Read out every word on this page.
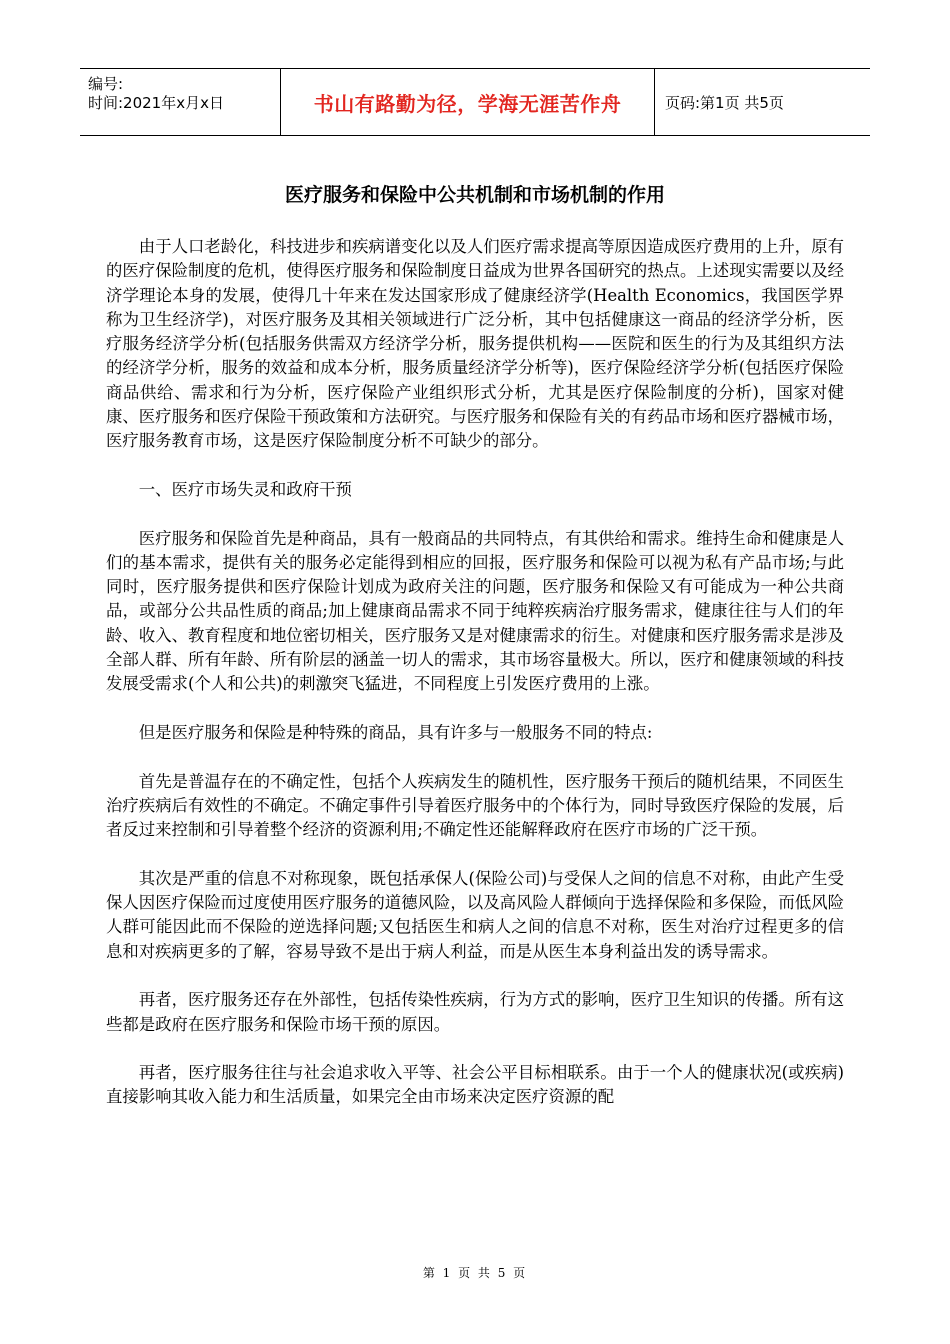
编号:
时间:2021年x月x日	书山有路勤为径，学海无涯苦作舟	页码:第1页 共5页
医疗服务和保险中公共机制和市场机制的作用

由于人口老龄化，科技进步和疾病谱变化以及人们医疗需求提高等原因造成医疗费用的上升，原有的医疗保险制度的危机，使得医疗服务和保险制度日益成为世界各国研究的热点。上述现实需要以及经济学理论本身的发展，使得几十年来在发达国家形成了健康经济学(Health Economics，我国医学界称为卫生经济学)，对医疗服务及其相关领域进行广泛分析，其中包括健康这一商品的经济学分析，医疗服务经济学分析(包括服务供需双方经济学分析，服务提供机构——医院和医生的行为及其组织方法的经济学分析，服务的效益和成本分析，服务质量经济学分析等)，医疗保险经济学分析(包括医疗保险商品供给、需求和行为分析，医疗保险产业组织形式分析，尤其是医疗保险制度的分析)，国家对健康、医疗服务和医疗保险干预政策和方法研究。与医疗服务和保险有关的有药品市场和医疗器械市场，医疗服务教育市场，这是医疗保险制度分析不可缺少的部分。

一、医疗市场失灵和政府干预

医疗服务和保险首先是种商品，具有一般商品的共同特点，有其供给和需求。维持生命和健康是人们的基本需求，提供有关的服务必定能得到相应的回报，医疗服务和保险可以视为私有产品市场;与此同时，医疗服务提供和医疗保险计划成为政府关注的问题，医疗服务和保险又有可能成为一种公共商品，或部分公共品性质的商品;加上健康商品需求不同于纯粹疾病治疗服务需求，健康往往与人们的年龄、收入、教育程度和地位密切相关，医疗服务又是对健康需求的衍生。对健康和医疗服务需求是涉及全部人群、所有年龄、所有阶层的涵盖一切人的需求，其市场容量极大。所以，医疗和健康领域的科技发展受需求(个人和公共)的刺激突飞猛进，不同程度上引发医疗费用的上涨。

但是医疗服务和保险是种特殊的商品，具有许多与一般服务不同的特点:

首先是普温存在的不确定性，包括个人疾病发生的随机性，医疗服务干预后的随机结果，不同医生治疗疾病后有效性的不确定。不确定事件引导着医疗服务中的个体行为，同时导致医疗保险的发展，后者反过来控制和引导着整个经济的资源利用;不确定性还能解释政府在医疗市场的广泛干预。

其次是严重的信息不对称现象，既包括承保人(保险公司)与受保人之间的信息不对称，由此产生受保人因医疗保险而过度使用医疗服务的道德风险，以及高风险人群倾向于选择保险和多保险，而低风险人群可能因此而不保险的逆选择问题;又包括医生和病人之间的信息不对称，医生对治疗过程更多的信息和对疾病更多的了解，容易导致不是出于病人利益，而是从医生本身利益出发的诱导需求。

再者，医疗服务还存在外部性，包括传染性疾病，行为方式的影响，医疗卫生知识的传播。所有这些都是政府在医疗服务和保险市场干预的原因。

再者，医疗服务往往与社会追求收入平等、社会公平目标相联系。由于一个人的健康状况(或疾病)直接影响其收入能力和生活质量，如果完全由市场来决定医疗资源的配

第 1 页 共 5 页
